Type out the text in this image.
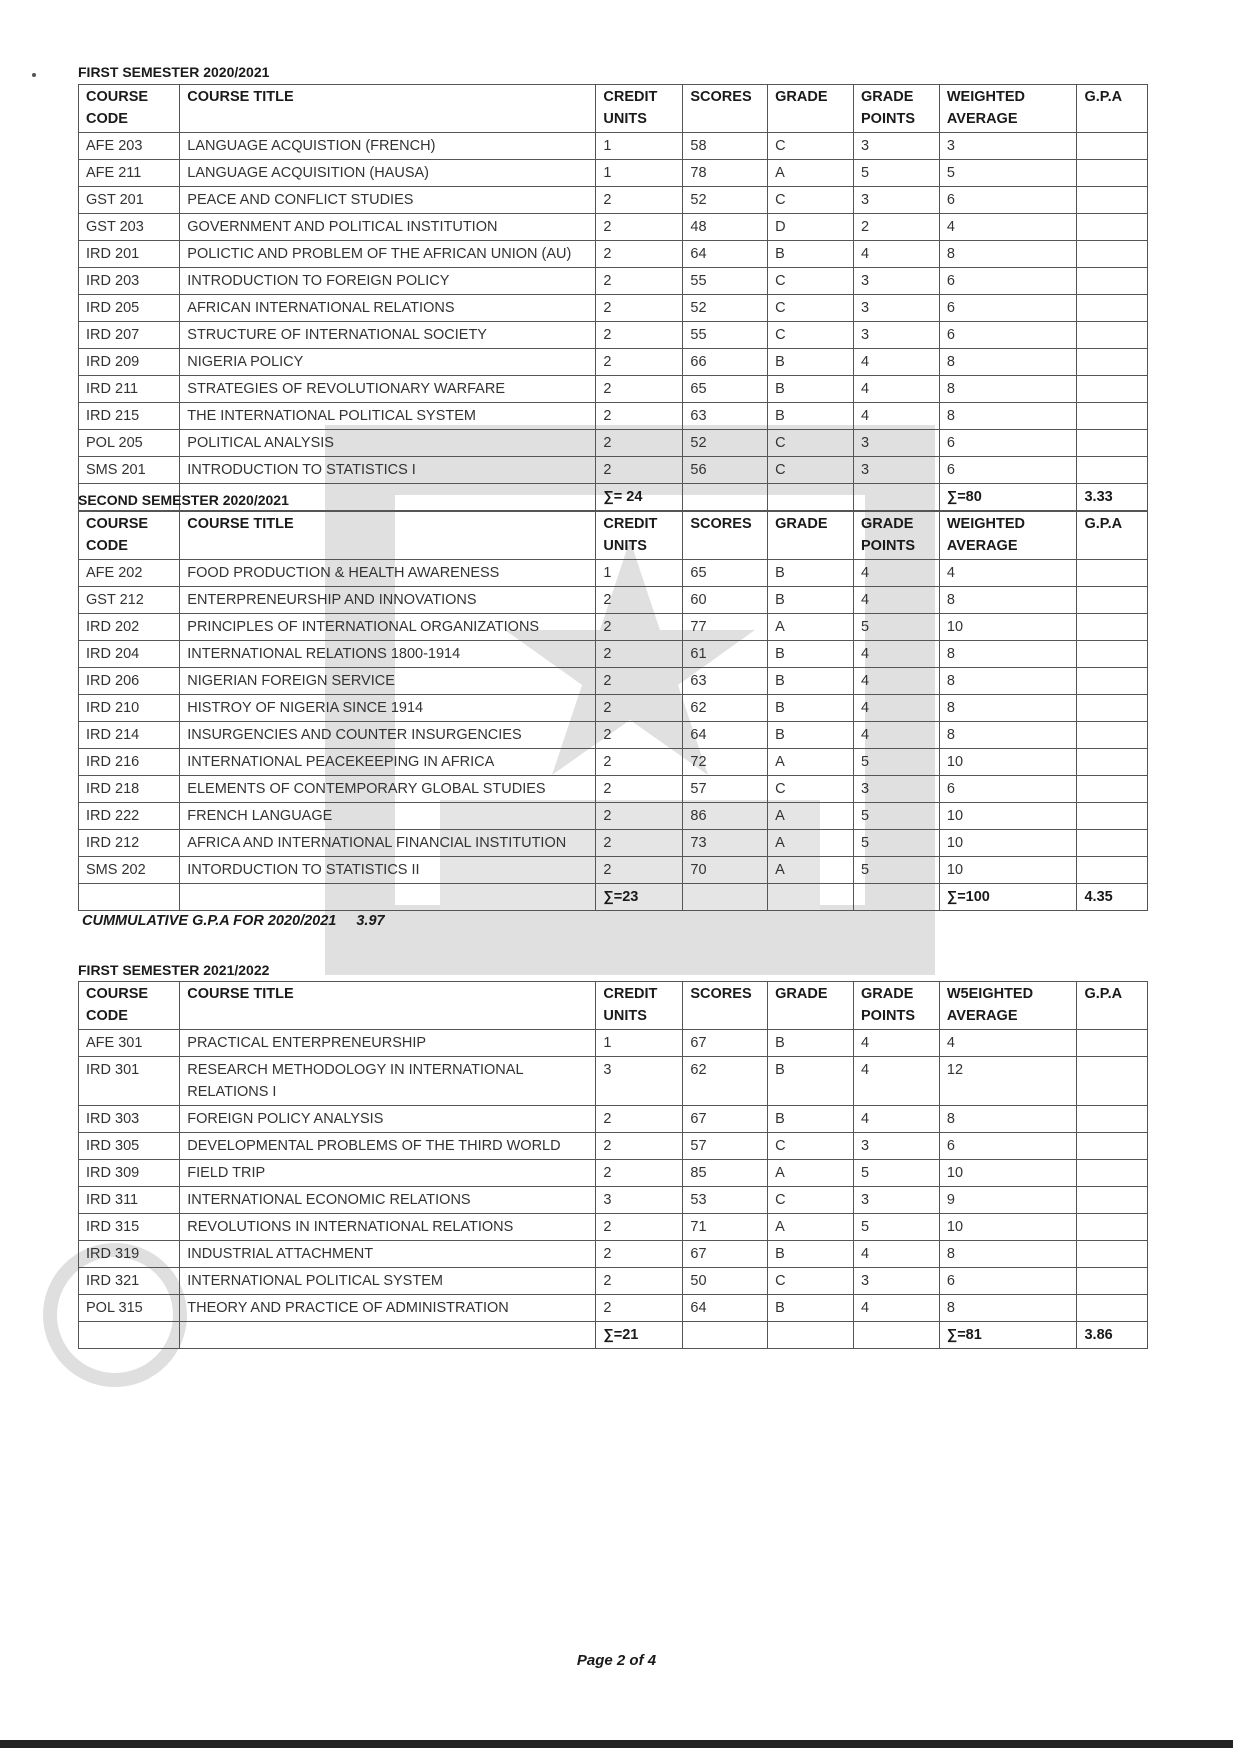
FIRST SEMESTER 2020/2021
COURSE CODE	COURSE TITLE	CREDIT UNITS	SCORES	GRADE	GRADE POINTS	WEIGHTED AVERAGE	G.P.A
AFE 203	LANGUAGE ACQUISTION (FRENCH)	1	58	C	3	3	
AFE 211	LANGUAGE ACQUISITION (HAUSA)	1	78	A	5	5	
GST 201	PEACE AND CONFLICT STUDIES	2	52	C	3	6	
GST 203	GOVERNMENT AND POLITICAL INSTITUTION	2	48	D	2	4	
IRD 201	POLICTIC AND PROBLEM OF THE AFRICAN UNION (AU)	2	64	B	4	8	
IRD 203	INTRODUCTION TO FOREIGN POLICY	2	55	C	3	6	
IRD 205	AFRICAN INTERNATIONAL RELATIONS	2	52	C	3	6	
IRD 207	STRUCTURE OF INTERNATIONAL SOCIETY	2	55	C	3	6	
IRD 209	NIGERIA POLICY	2	66	B	4	8	
IRD 211	STRATEGIES OF REVOLUTIONARY WARFARE	2	65	B	4	8	
IRD 215	THE INTERNATIONAL POLITICAL SYSTEM	2	63	B	4	8	
POL 205	POLITICAL ANALYSIS	2	52	C	3	6	
SMS 201	INTRODUCTION TO STATISTICS I	2	56	C	3	6	
		∑= 24				∑=80	3.33
SECOND SEMESTER 2020/2021
COURSE CODE	COURSE TITLE	CREDIT UNITS	SCORES	GRADE	GRADE POINTS	WEIGHTED AVERAGE	G.P.A
AFE 202	FOOD PRODUCTION & HEALTH AWARENESS	1	65	B	4	4	
GST 212	ENTERPRENEURSHIP AND INNOVATIONS	2	60	B	4	8	
IRD 202	PRINCIPLES OF INTERNATIONAL ORGANIZATIONS	2	77	A	5	10	
IRD 204	INTERNATIONAL RELATIONS 1800-1914	2	61	B	4	8	
IRD 206	NIGERIAN FOREIGN SERVICE	2	63	B	4	8	
IRD 210	HISTROY OF NIGERIA SINCE 1914	2	62	B	4	8	
IRD 214	INSURGENCIES AND COUNTER INSURGENCIES	2	64	B	4	8	
IRD 216	INTERNATIONAL PEACEKEEPING IN AFRICA	2	72	A	5	10	
IRD 218	ELEMENTS OF CONTEMPORARY GLOBAL STUDIES	2	57	C	3	6	
IRD 222	FRENCH LANGUAGE	2	86	A	5	10	
IRD 212	AFRICA AND INTERNATIONAL FINANCIAL INSTITUTION	2	73	A	5	10	
SMS 202	INTORDUCTION TO STATISTICS II	2	70	A	5	10	
		∑=23				∑=100	4.35
CUMMULATIVE G.P.A FOR 2020/2021 3.97
FIRST SEMESTER 2021/2022
COURSE CODE	COURSE TITLE	CREDIT UNITS	SCORES	GRADE	GRADE POINTS	W5EIGHTED AVERAGE	G.P.A
AFE 301	PRACTICAL ENTERPRENEURSHIP	1	67	B	4	4	
IRD 301	RESEARCH METHODOLOGY IN INTERNATIONAL RELATIONS I	3	62	B	4	12	
IRD 303	FOREIGN POLICY ANALYSIS	2	67	B	4	8	
IRD 305	DEVELOPMENTAL PROBLEMS OF THE THIRD WORLD	2	57	C	3	6	
IRD 309	FIELD TRIP	2	85	A	5	10	
IRD 311	INTERNATIONAL ECONOMIC RELATIONS	3	53	C	3	9	
IRD 315	REVOLUTIONS IN INTERNATIONAL RELATIONS	2	71	A	5	10	
IRD 319	INDUSTRIAL ATTACHMENT	2	67	B	4	8	
IRD 321	INTERNATIONAL POLITICAL SYSTEM	2	50	C	3	6	
POL 315	THEORY AND PRACTICE OF ADMINISTRATION	2	64	B	4	8	
		∑=21				∑=81	3.86
Page 2 of 4
